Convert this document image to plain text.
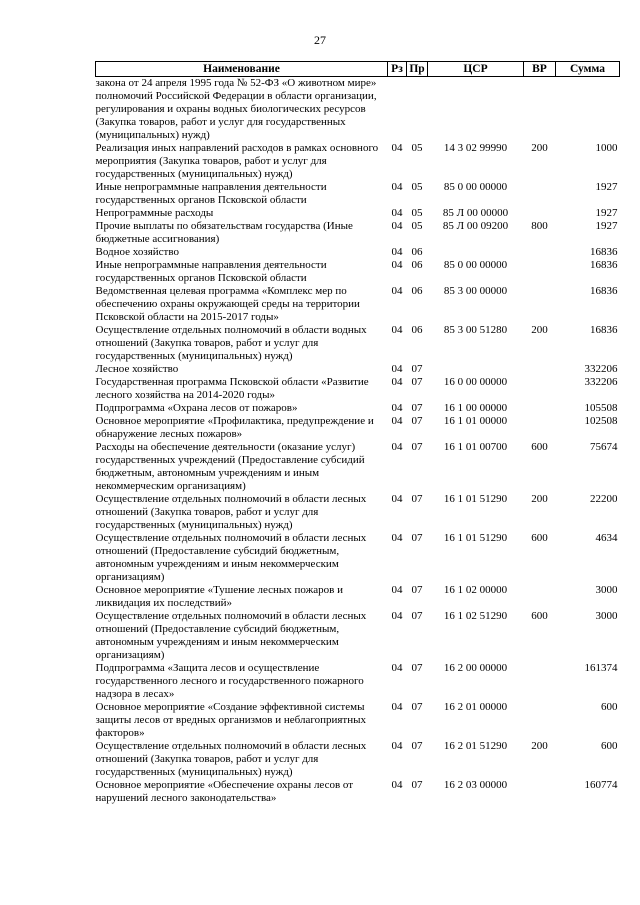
27
Наименование	Рз	Пр	ЦСР	ВР	Сумма
закона от 24 апреля 1995 года № 52-ФЗ «О животном мире» полномочий Российской Федерации в области организации, регулирования и охраны водных биологических ресурсов (Закупка товаров, работ и услуг для государственных (муниципальных) нужд)					
Реализация иных направлений расходов в рамках основного мероприятия (Закупка товаров, работ и услуг для государственных (муниципальных) нужд)	04	05	14 3 02 99990	200	1000
Иные непрограммные направления деятельности государственных органов Псковской области	04	05	85 0 00 00000		1927
Непрограммные расходы	04	05	85 Л 00 00000		1927
Прочие выплаты по обязательствам государства (Иные бюджетные ассигнования)	04	05	85 Л 00 09200	800	1927
Водное хозяйство	04	06			16836
Иные непрограммные направления деятельности государственных органов Псковской области	04	06	85 0 00 00000		16836
Ведомственная целевая программа «Комплекс мер по обеспечению охраны окружающей среды на территории Псковской области на 2015-2017 годы»	04	06	85 3 00 00000		16836
Осуществление отдельных полномочий в области водных отношений (Закупка товаров, работ и услуг для государственных (муниципальных) нужд)	04	06	85 3 00 51280	200	16836
Лесное хозяйство	04	07			332206
Государственная программа Псковской области «Развитие лесного хозяйства на 2014-2020 годы»	04	07	16 0 00 00000		332206
Подпрограмма «Охрана лесов от пожаров»	04	07	16 1 00 00000		105508
Основное мероприятие «Профилактика, предупреждение и обнаружение лесных пожаров»	04	07	16 1 01 00000		102508
Расходы на обеспечение деятельности (оказание услуг) государственных учреждений (Предоставление субсидий бюджетным, автономным учреждениям и иным некоммерческим организациям)	04	07	16 1 01 00700	600	75674
Осуществление отдельных полномочий в области лесных отношений (Закупка товаров, работ и услуг для государственных (муниципальных) нужд)	04	07	16 1 01 51290	200	22200
Осуществление отдельных полномочий в области лесных отношений (Предоставление субсидий бюджетным, автономным учреждениям и иным некоммерческим организациям)	04	07	16 1 01 51290	600	4634
Основное мероприятие «Тушение лесных пожаров и ликвидация их последствий»	04	07	16 1 02 00000		3000
Осуществление отдельных полномочий в области лесных отношений (Предоставление субсидий бюджетным, автономным учреждениям и иным некоммерческим организациям)	04	07	16 1 02 51290	600	3000
Подпрограмма «Защита лесов и осуществление государственного лесного и государственного пожарного надзора в лесах»	04	07	16 2 00 00000		161374
Основное мероприятие «Создание эффективной системы защиты лесов от вредных организмов и неблагоприятных факторов»	04	07	16 2 01 00000		600
Осуществление отдельных полномочий в области лесных отношений (Закупка товаров, работ и услуг для государственных (муниципальных) нужд)	04	07	16 2 01 51290	200	600
Основное мероприятие «Обеспечение охраны лесов от нарушений лесного законодательства»	04	07	16 2 03 00000		160774
